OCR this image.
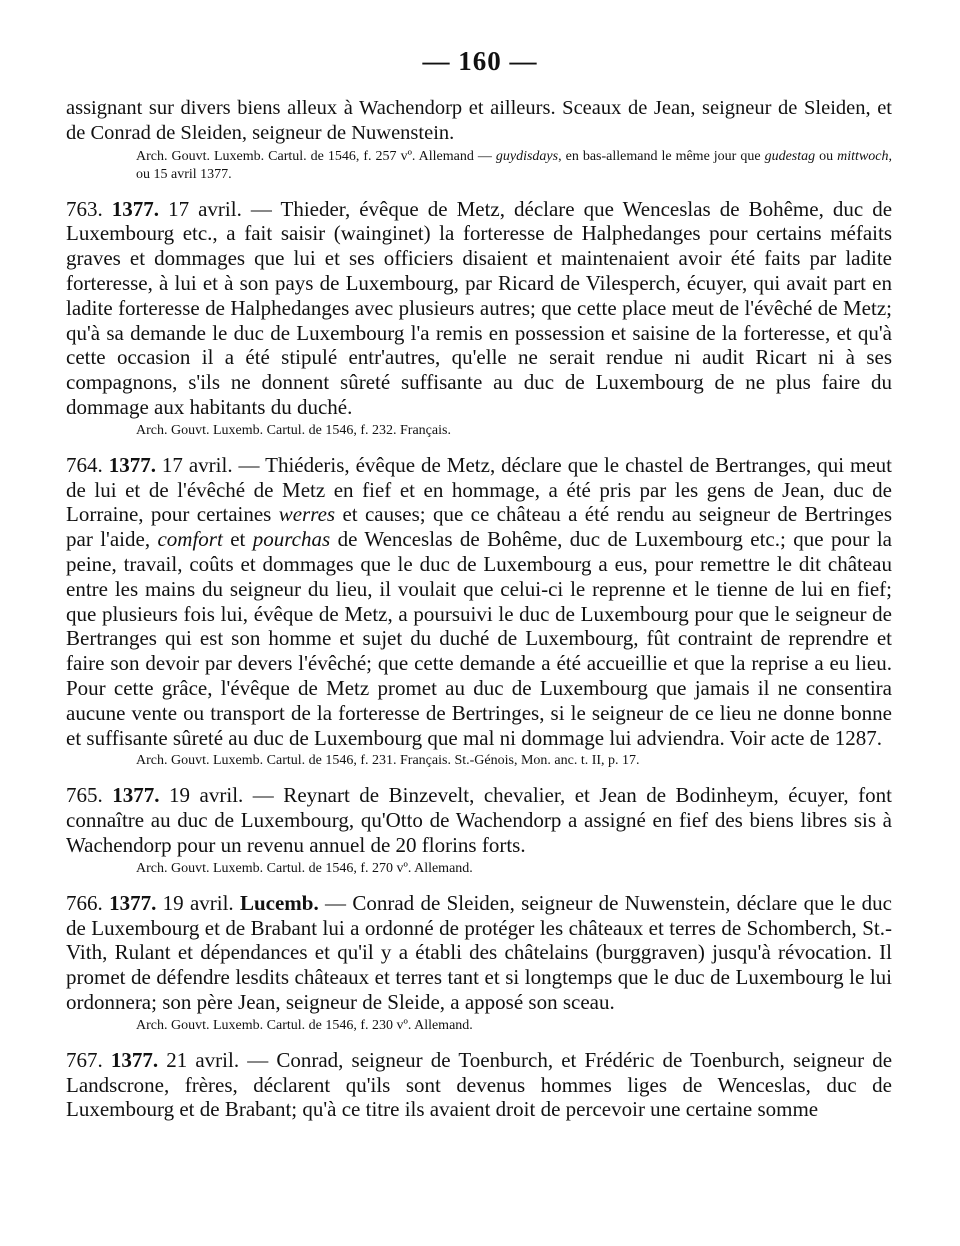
— 160 —

assignant sur divers biens alleux à Wachendorp et ailleurs. Sceaux de Jean, seigneur de Sleiden, et de Conrad de Sleiden, seigneur de Nuwenstein.

Arch. Gouvt. Luxemb. Cartul. de 1546, f. 257 vº. Allemand — guydisdays, en bas-allemand le même jour que gudestag ou mittwoch, ou 15 avril 1377.

763. 1377. 17 avril. — Thieder, évêque de Metz, déclare que Wenceslas de Bohême, duc de Luxembourg etc., a fait saisir (wainginet) la forteresse de Halphedanges pour certains méfaits graves et dommages que lui et ses officiers disaient et maintenaient avoir été faits par ladite forteresse, à lui et à son pays de Luxembourg, par Ricard de Vilesperch, écuyer, qui avait part en ladite forteresse de Halphedanges avec plusieurs autres; que cette place meut de l'évêché de Metz; qu'à sa demande le duc de Luxembourg l'a remis en possession et saisine de la forteresse, et qu'à cette occasion il a été stipulé entr'autres, qu'elle ne serait rendue ni audit Ricart ni à ses compagnons, s'ils ne donnent sûreté suffisante au duc de Luxembourg de ne plus faire du dommage aux habitants du duché.

Arch. Gouvt. Luxemb. Cartul. de 1546, f. 232. Français.

764. 1377. 17 avril. — Thiéderis, évêque de Metz, déclare que le chastel de Bertranges, qui meut de lui et de l'évêché de Metz en fief et en hommage, a été pris par les gens de Jean, duc de Lorraine, pour certaines werres et causes; que ce château a été rendu au seigneur de Bertringes par l'aide, comfort et pourchas de Wenceslas de Bohême, duc de Luxembourg etc.; que pour la peine, travail, coûts et dommages que le duc de Luxembourg a eus, pour remettre le dit château entre les mains du seigneur du lieu, il voulait que celui-ci le reprenne et le tienne de lui en fief; que plusieurs fois lui, évêque de Metz, a poursuivi le duc de Luxembourg pour que le seigneur de Bertranges qui est son homme et sujet du duché de Luxembourg, fût contraint de reprendre et faire son devoir par devers l'évêché; que cette demande a été accueillie et que la reprise a eu lieu. Pour cette grâce, l'évêque de Metz promet au duc de Luxembourg que jamais il ne consentira aucune vente ou transport de la forteresse de Bertringes, si le seigneur de ce lieu ne donne bonne et suffisante sûreté au duc de Luxembourg que mal ni dommage lui adviendra. Voir acte de 1287.

Arch. Gouvt. Luxemb. Cartul. de 1546, f. 231. Français. St.-Génois, Mon. anc. t. II, p. 17.

765. 1377. 19 avril. — Reynart de Binzevelt, chevalier, et Jean de Bodinheym, écuyer, font connaître au duc de Luxembourg, qu'Otto de Wachendorp a assigné en fief des biens libres sis à Wachendorp pour un revenu annuel de 20 florins forts.

Arch. Gouvt. Luxemb. Cartul. de 1546, f. 270 vº. Allemand.

766. 1377. 19 avril. Lucemb. — Conrad de Sleiden, seigneur de Nuwenstein, déclare que le duc de Luxembourg et de Brabant lui a ordonné de protéger les châteaux et terres de Schomberch, St.-Vith, Rulant et dépendances et qu'il y a établi des châtelains (burggraven) jusqu'à révocation. Il promet de défendre lesdits châteaux et terres tant et si longtemps que le duc de Luxembourg le lui ordonnera; son père Jean, seigneur de Sleide, a apposé son sceau.

Arch. Gouvt. Luxemb. Cartul. de 1546, f. 230 vº. Allemand.

767. 1377. 21 avril. — Conrad, seigneur de Toenburch, et Frédéric de Toenburch, seigneur de Landscrone, frères, déclarent qu'ils sont devenus hommes liges de Wenceslas, duc de Luxembourg et de Brabant; qu'à ce titre ils avaient droit de percevoir une certaine somme
